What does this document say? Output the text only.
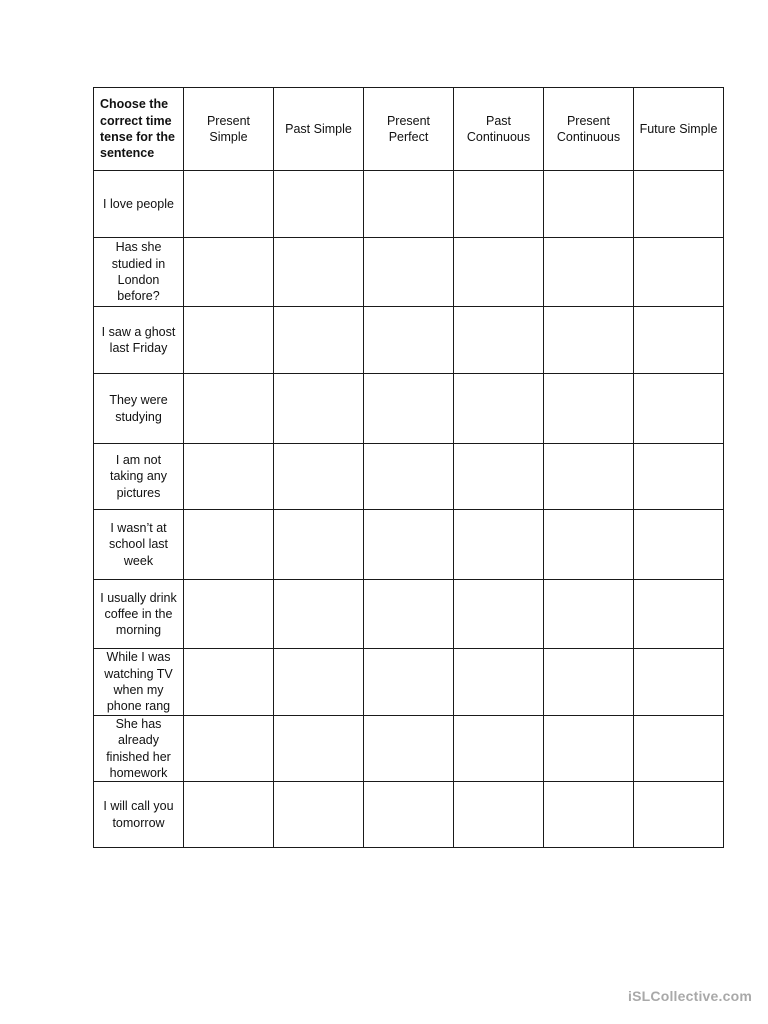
Choose the correct time tense for the sentence	Present Simple	Past Simple	Present Perfect	Past Continuous	Present Continuous	Future Simple
I love people						
Has she studied in London before?						
I saw a ghost last Friday						
They were studying						
I am not taking any pictures						
I wasn’t at school last week						
I usually drink coffee in the morning						
While I was watching TV when my phone rang						
She has already finished her homework						
I will call you tomorrow						
iSLCollective.com
